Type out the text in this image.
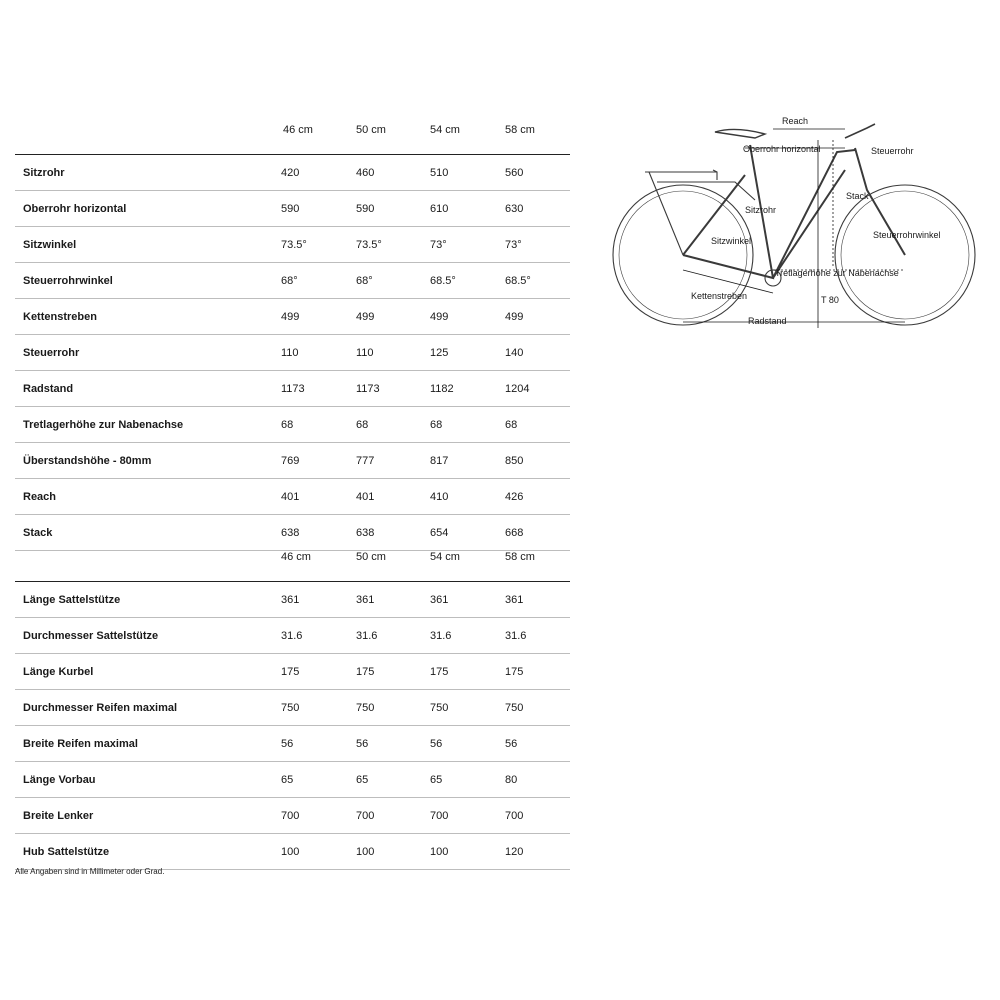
46 cm	50 cm	54 cm	58 cm
Sitzrohr	420	460	510	560
Oberrohr horizontal	590	590	610	630
Sitzwinkel	73.5°	73.5°	73°	73°
Steuerrohrwinkel	68°	68°	68.5°	68.5°
Kettenstreben	499	499	499	499
Steuerrohr	110	110	125	140
Radstand	1173	1173	1182	1204
Tretlagerhöhe zur Nabenachse	68	68	68	68
Überstandshöhe - 80mm	769	777	817	850
Reach	401	401	410	426
Stack	638	638	654	668
46 cm	50 cm	54 cm	58 cm
Länge Sattelstütze	361	361	361	361
Durchmesser Sattelstütze	31.6	31.6	31.6	31.6
Länge Kurbel	175	175	175	175
Durchmesser Reifen maximal	750	750	750	750
Breite Reifen maximal	56	56	56	56
Länge Vorbau	65	65	65	80
Breite Lenker	700	700	700	700
Hub Sattelstütze	100	100	100	120
Alle Angaben sind in Millimeter oder Grad.
Reach
Oberrohr horizontal	Steuerrohr
Stack
Sitzrohr
Sitzwinkel
Steuerrohrwinkel
Tretlagerhöhe zur Nabenachse
Kettenstreben	T 80
Radstand
